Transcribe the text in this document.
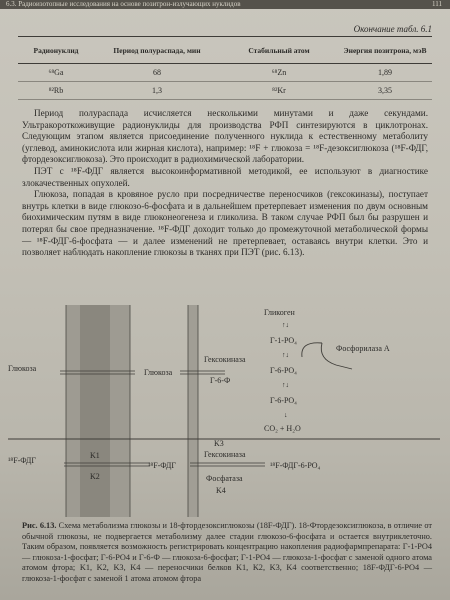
6.3. Радиоизотопные исследования на основе позитрон-излучающих нуклидов	111
Окончание табл. 6.1
Радионуклид	Период полураспада, мин	Стабильный атом	Энергия позитрона, мэВ
⁶⁸Ga	68	⁶⁸Zn	1,89
⁸²Rb	1,3	⁸²Kr	3,35

Период полураспада исчисляется несколькими минутами и даже секундами. Ультракороткоживущие радионуклиды для производства РФП синтезируются в циклотронах. Следующим этапом является присоединение полученного нуклида к естественному метаболиту (углевод, аминокислота или жирная кислота), например: ¹⁸F + глюкоза = ¹⁸F-дезоксиглюкоза (¹⁸F-ФДГ, фтордезоксиглюкоза). Это происходит в радиохимической лаборатории.

ПЭТ с ¹⁸F-ФДГ является высокоинформативной методикой, ее используют в диагностике злокачественных опухолей.

Глюкоза, попадая в кровяное русло при посредничестве переносчиков (гексокиназы), поступает внутрь клетки в виде глюкозо-6-фосфата и в дальнейшем претерпевает изменения по двум основным биохимическим путям в виде глюконеогенеза и гликолиза. В таком случае РФП был бы разрушен и потерял бы свое предназначение. ¹⁸F-ФДГ доходит только до промежуточной метаболической формы — ¹⁸F-ФДГ-6-фосфата — и далее изменений не претерпевает, оставаясь внутри клетки. Это и позволяет наблюдать накопление глюкозы в тканях при ПЭТ (рис. 6.13).

Глюкоза	Глюкоза
Гексокиназа
Г-6-Ф
Гликоген
↑↓
Г-1-PO₄
↑↓
Г-6-PO₄
↑↓
Г-6-PO₄
↓
CO₂ + H₂O
Фосфорилаза А
¹⁸F-ФДГ
K1
K2
¹⁸F-ФДГ
K3
Гексокиназа
Фосфатаза
K4
¹⁸F-ФДГ-6-PO₄
Рис. 6.13. Схема метаболизма глюкозы и 18-фтордезоксиглюкозы (18F-ФДГ). 18-Фтордезоксиглюкоза, в отличие от обычной глюкозы, не подвергается метаболизму далее стадии глюкозо-6-фосфата и остается внутриклеточно. Таким образом, появляется возможность регистрировать концентрацию накопления радиофармпрепарата: Г-1-PO4 — глюкоза-1-фосфат; Г-6-PO4 и Г-6-Ф — глюкоза-6-фосфат; Г-1-PO4 — глюкоза-1-фосфат с заменой одного атома атомом фтора; K1, K2, K3, K4 — переносчики белков K1, K2, K3, K4 соответственно; 18F-ФДГ-6-PO4 — глюкоза-1-фосфат с заменой 1 атома атомом фтора
